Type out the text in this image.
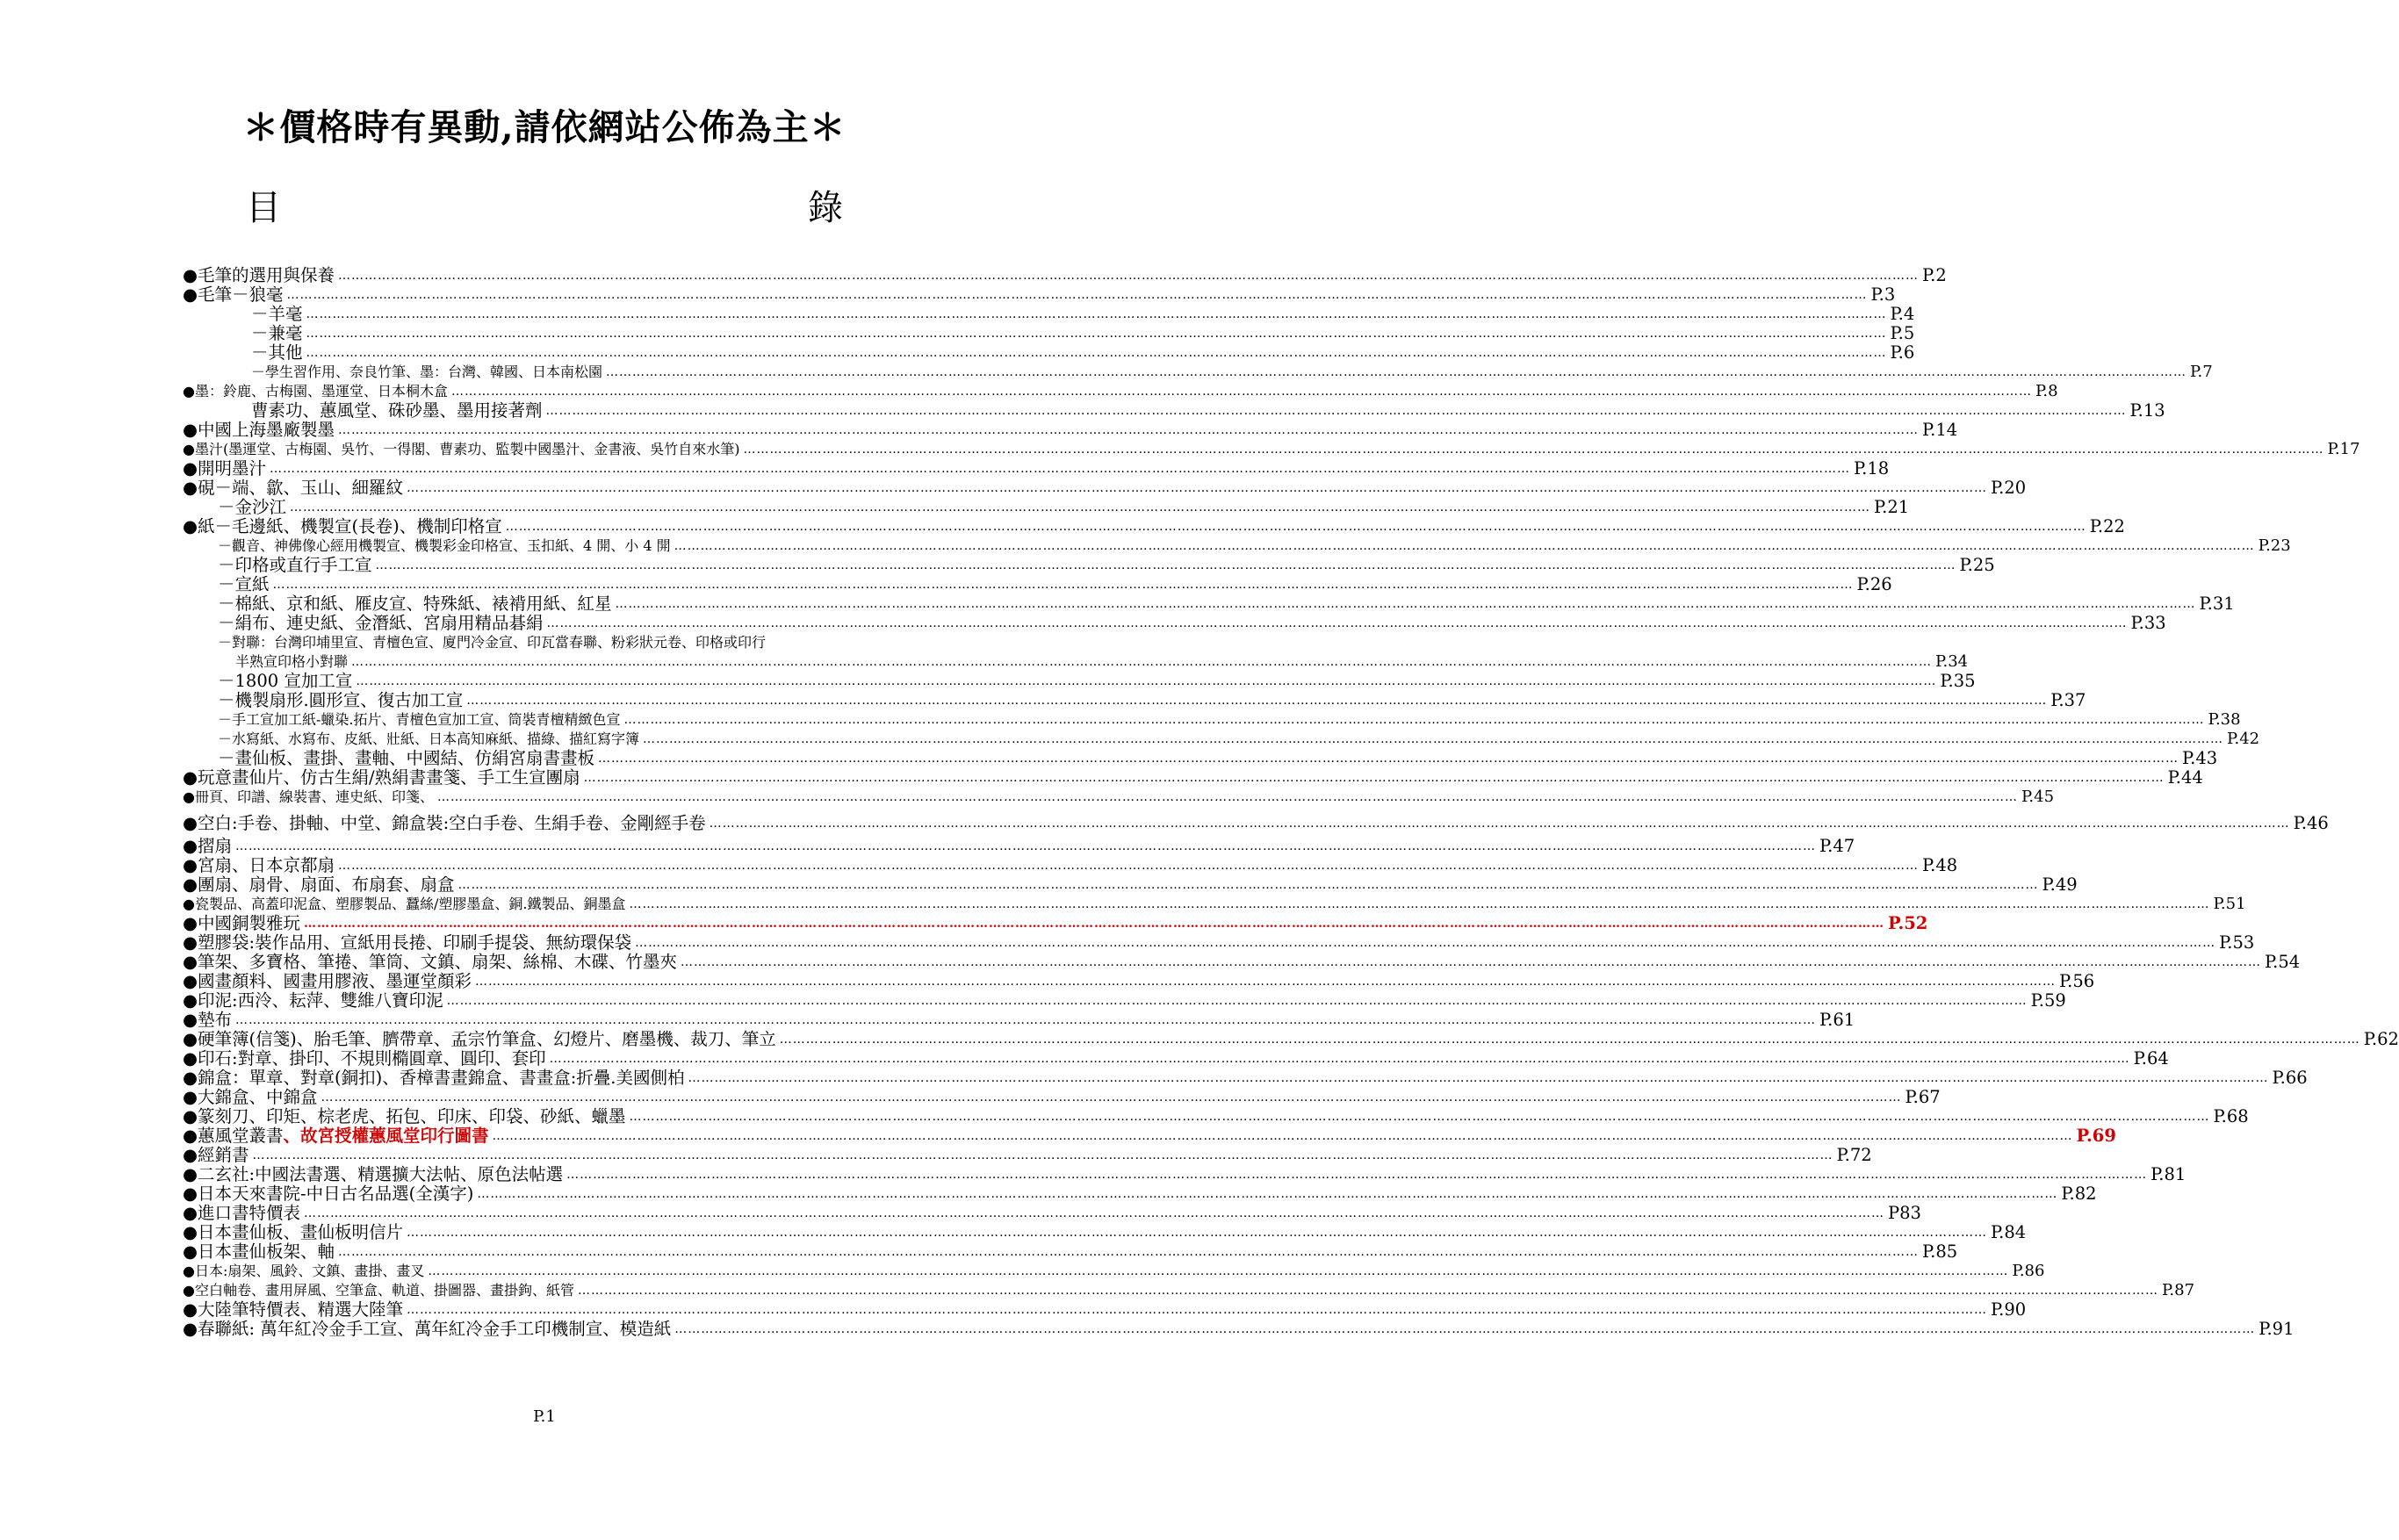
＊價格時有異動,請依網站公佈為主＊
目　　　錄
●毛筆的選用與保養 ……………………………………………………………………………………………………………………………………………………………………………………………………………………………………………………………………………………………………………………………… P.2
●毛筆－狼毫 ……………………………………………………………………………………………………………………………………………………………………………………………………………………………………………………………………………………………………………………………… P.3
－羊毫 ……………………………………………………………………………………………………………………………………………………………………………………………………………………………………………………………………………………………………………………………… P.4
－兼毫 ……………………………………………………………………………………………………………………………………………………………………………………………………………………………………………………………………………………………………………………………… P.5
－其他 ……………………………………………………………………………………………………………………………………………………………………………………………………………………………………………………………………………………………………………………………… P.6
－學生習作用、奈良竹筆、墨：台灣、韓國、日本南松園 ……………………………………………………………………………………………………………………………………………………………………………………………………………………………………………………………………………………………………………………………… P.7
●墨：鈴鹿、古梅園、墨運堂、日本桐木盒 ……………………………………………………………………………………………………………………………………………………………………………………………………………………………………………………………………………………………………………………………… P.8
曹素功、蕙風堂、硃砂墨、墨用接著劑 ……………………………………………………………………………………………………………………………………………………………………………………………………………………………………………………………………………………………………………………………… P.13
●中國上海墨廠製墨 ……………………………………………………………………………………………………………………………………………………………………………………………………………………………………………………………………………………………………………………………… P.14
●墨汁(墨運堂、古梅園、吳竹、一得閣、曹素功、監製中國墨汁、金書液、吳竹自來水筆) ……………………………………………………………………………………………………………………………………………………………………………………………………………………………………………………………………………………………………………………………… P.17
●開明墨汁 ……………………………………………………………………………………………………………………………………………………………………………………………………………………………………………………………………………………………………………………………… P.18
●硯－端、歙、玉山、細羅紋 ……………………………………………………………………………………………………………………………………………………………………………………………………………………………………………………………………………………………………………………………… P.20
－金沙江 ……………………………………………………………………………………………………………………………………………………………………………………………………………………………………………………………………………………………………………………………… P.21
●紙－毛邊紙、機製宣(長卷)、機制印格宣 ……………………………………………………………………………………………………………………………………………………………………………………………………………………………………………………………………………………………………………………………… P.22
－觀音、神佛像心經用機製宣、機製彩金印格宣、玉扣紙、4 開、小 4 開 ……………………………………………………………………………………………………………………………………………………………………………………………………………………………………………………………………………………………………………………………… P.23
－印格或直行手工宣 ……………………………………………………………………………………………………………………………………………………………………………………………………………………………………………………………………………………………………………………………… P.25
－宣紙 ……………………………………………………………………………………………………………………………………………………………………………………………………………………………………………………………………………………………………………………………… P.26
－棉紙、京和紙、雁皮宣、特殊紙、裱褙用紙、紅星 ……………………………………………………………………………………………………………………………………………………………………………………………………………………………………………………………………………………………………………………………… P.31
－絹布、連史紙、金潛紙、宮扇用精品碁絹 ……………………………………………………………………………………………………………………………………………………………………………………………………………………………………………………………………………………………………………………………… P.33
－對聯：台灣印埔里宣、青檀色宣、廈門冷金宣、印瓦當春聯、粉彩狀元卷、印格或印行
半熟宣印格小對聯 ……………………………………………………………………………………………………………………………………………………………………………………………………………………………………………………………………………………………………………………………… P.34
－1800 宣加工宣 ……………………………………………………………………………………………………………………………………………………………………………………………………………………………………………………………………………………………………………………………… P.35
－機製扇形.圓形宣、復古加工宣 ……………………………………………………………………………………………………………………………………………………………………………………………………………………………………………………………………………………………………………………………… P.37
－手工宣加工紙-蠟染.拓片、青檀色宣加工宣、筒裝青檀精緻色宣 ……………………………………………………………………………………………………………………………………………………………………………………………………………………………………………………………………………………………………………………………… P.38
－水寫紙、水寫布、皮紙、壯紙、日本高知麻紙、描綠、描紅寫字簿 ……………………………………………………………………………………………………………………………………………………………………………………………………………………………………………………………………………………………………………………………… P.42
－畫仙板、畫掛、畫軸、中國結、仿絹宮扇書畫板 ……………………………………………………………………………………………………………………………………………………………………………………………………………………………………………………………………………………………………………………………… P.43
●玩意畫仙片、仿古生絹/熟絹書畫箋、手工生宣團扇 ……………………………………………………………………………………………………………………………………………………………………………………………………………………………………………………………………………………………………………………………… P.44
●冊頁、印譜、線裝書、連史紙、印箋、 ……………………………………………………………………………………………………………………………………………………………………………………………………………………………………………………………………………………………………………………………… P.45
●空白:手卷、掛軸、中堂、錦盒裝:空白手卷、生絹手卷、金剛經手卷 ……………………………………………………………………………………………………………………………………………………………………………………………………………………………………………………………………………………………………………………………… P.46
●摺扇 ……………………………………………………………………………………………………………………………………………………………………………………………………………………………………………………………………………………………………………………………… P.47
●宮扇、日本京都扇 ……………………………………………………………………………………………………………………………………………………………………………………………………………………………………………………………………………………………………………………………… P.48
●團扇、扇骨、扇面、布扇套、扇盒 ……………………………………………………………………………………………………………………………………………………………………………………………………………………………………………………………………………………………………………………………… P.49
●瓷製品、高蓋印泥盒、塑膠製品、蠶絲/塑膠墨盒、銅.鐵製品、銅墨盒 ……………………………………………………………………………………………………………………………………………………………………………………………………………………………………………………………………………………………………………………………… P.51
●中國銅製雅玩 ……………………………………………………………………………………………………………………………………………………………………………………………………………………………………………………………………………………………………………………………… P.52
●塑膠袋:裝作品用、宣紙用長捲、印刷手提袋、無紡環保袋 ……………………………………………………………………………………………………………………………………………………………………………………………………………………………………………………………………………………………………………………………… P.53
●筆架、多寶格、筆捲、筆筒、文鎮、扇架、絲棉、木碟、竹墨夾 ……………………………………………………………………………………………………………………………………………………………………………………………………………………………………………………………………………………………………………………………… P.54
●國畫顏料、國畫用膠液、墨運堂顏彩 ……………………………………………………………………………………………………………………………………………………………………………………………………………………………………………………………………………………………………………………………… P.56
●印泥:西泠、耘萍、雙維八寶印泥 ……………………………………………………………………………………………………………………………………………………………………………………………………………………………………………………………………………………………………………………………… P.59
●墊布 ……………………………………………………………………………………………………………………………………………………………………………………………………………………………………………………………………………………………………………………………… P.61
●硬筆簿(信箋)、胎毛筆、臍帶章、孟宗竹筆盒、幻燈片、磨墨機、裁刀、筆立 ……………………………………………………………………………………………………………………………………………………………………………………………………………………………………………………………………………………………………………………………… P.62
●印石:對章、掛印、不規則橢圓章、圓印、套印 ……………………………………………………………………………………………………………………………………………………………………………………………………………………………………………………………………………………………………………………………… P.64
●錦盒：單章、對章(銅扣)、香樟書畫錦盒、書畫盒:折疊.美國側柏 ……………………………………………………………………………………………………………………………………………………………………………………………………………………………………………………………………………………………………………………………… P.66
●大錦盒、中錦盒 ……………………………………………………………………………………………………………………………………………………………………………………………………………………………………………………………………………………………………………………………… P.67
●篆刻刀、印矩、棕老虎、拓包、印床、印袋、砂紙、蠟墨 ……………………………………………………………………………………………………………………………………………………………………………………………………………………………………………………………………………………………………………………………… P.68
●蕙風堂叢書 、故宮授權蕙風堂印行圖書 ……………………………………………………………………………………………………………………………………………………………………………………………………………………………………………………………………………………………………………………………… P.69
●經銷書 ……………………………………………………………………………………………………………………………………………………………………………………………………………………………………………………………………………………………………………………………… P.72
●二玄社:中國法書選、精選擴大法帖、原色法帖選 ……………………………………………………………………………………………………………………………………………………………………………………………………………………………………………………………………………………………………………………………… P.81
●日本天來書院-中日古名品選(全漢字) ……………………………………………………………………………………………………………………………………………………………………………………………………………………………………………………………………………………………………………………………… P.82
●進口書特價表 ……………………………………………………………………………………………………………………………………………………………………………………………………………………………………………………………………………………………………………………………… P83
●日本畫仙板、畫仙板明信片 ……………………………………………………………………………………………………………………………………………………………………………………………………………………………………………………………………………………………………………………………… P.84
●日本畫仙板架、軸 ……………………………………………………………………………………………………………………………………………………………………………………………………………………………………………………………………………………………………………………………… P.85
●日本:扇架、風鈴、文鎮、畫掛、畫叉 ……………………………………………………………………………………………………………………………………………………………………………………………………………………………………………………………………………………………………………………………… P.86
●空白軸卷、畫用屏風、空筆盒、軌道、掛圖器、畫掛鉤、紙管 ……………………………………………………………………………………………………………………………………………………………………………………………………………………………………………………………………………………………………………………………… P.87
●大陸筆特價表、精選大陸筆 ……………………………………………………………………………………………………………………………………………………………………………………………………………………………………………………………………………………………………………………………… P.90
●春聯紙: 萬年紅冷金手工宣、萬年紅冷金手工印機制宣、模造紙 ……………………………………………………………………………………………………………………………………………………………………………………………………………………………………………………………………………………………………………………………… P.91
P.1
